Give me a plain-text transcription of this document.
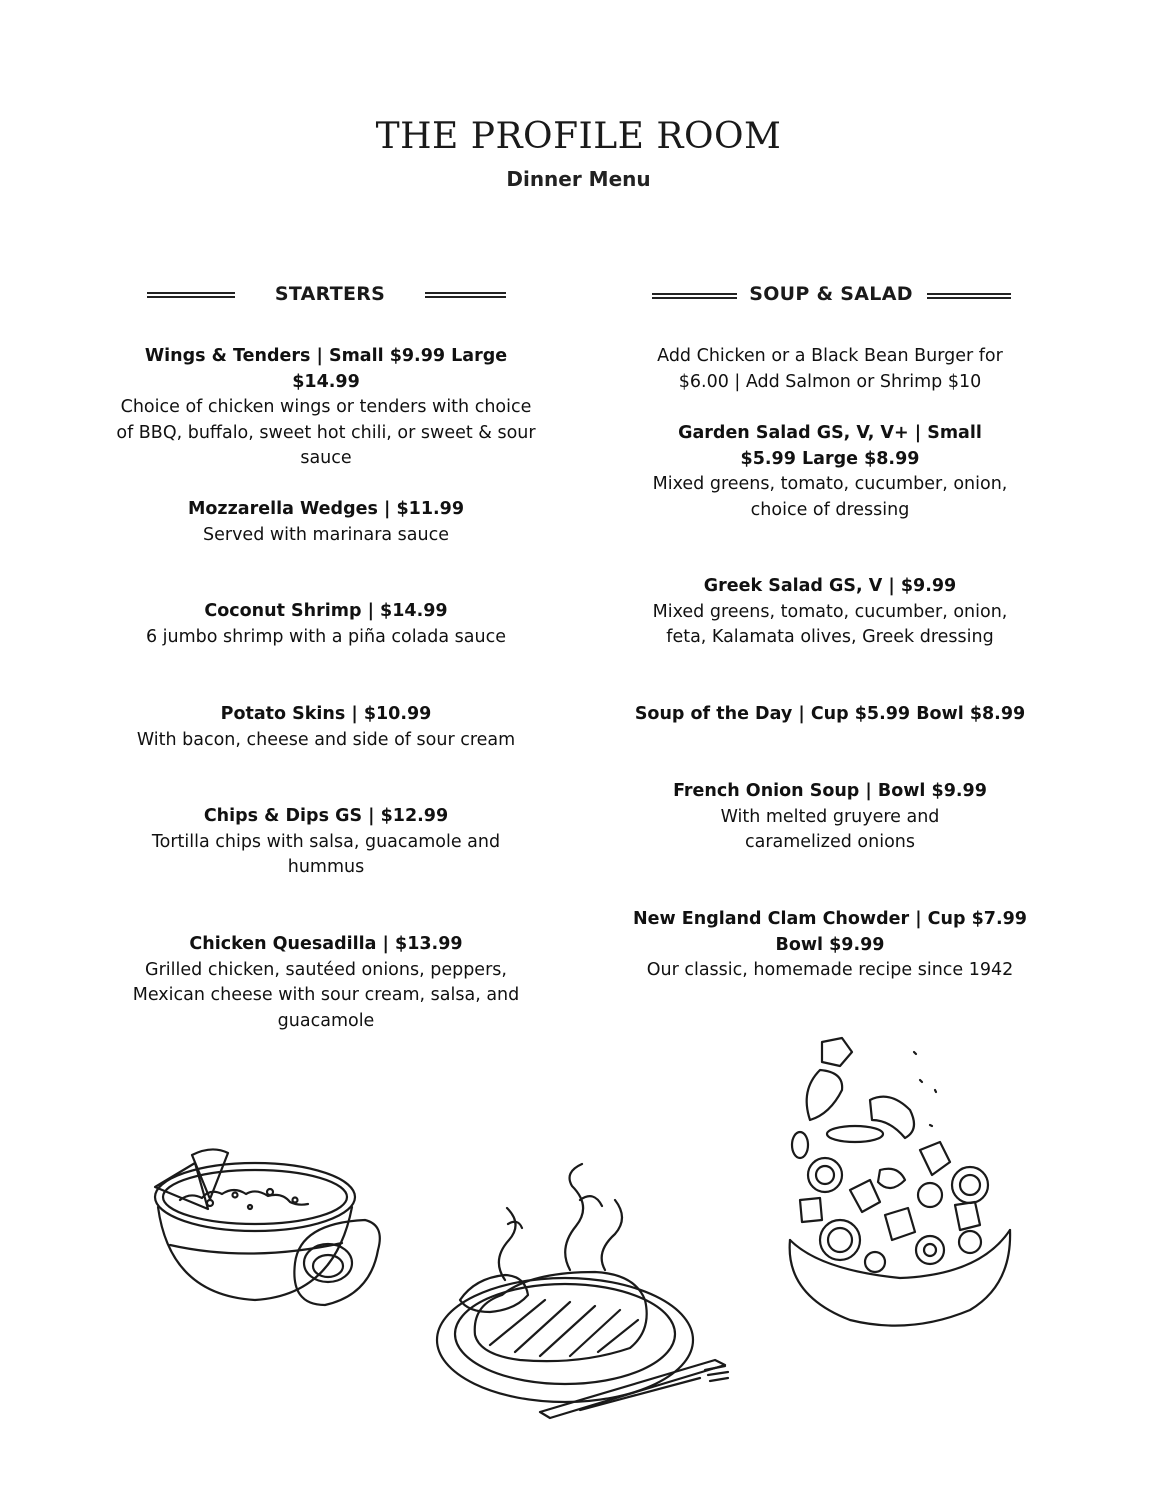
THE PROFILE ROOM
Dinner Menu
STARTERS	SOUP & SALAD
Wings & Tenders | Small $9.99 Large $14.99
Choice of chicken wings or tenders with choice of BBQ, buffalo, sweet hot chili, or sweet & sour sauce
Mozzarella Wedges | $11.99
Served with marinara sauce
Coconut Shrimp | $14.99
6 jumbo shrimp with a piña colada sauce
Potato Skins | $10.99
With bacon, cheese and side of sour cream
Chips & Dips GS | $12.99
Tortilla chips with salsa, guacamole and hummus
Chicken Quesadilla | $13.99
Grilled chicken, sautéed onions, peppers, Mexican cheese with sour cream, salsa, and guacamole
Add Chicken or a Black Bean Burger for $6.00 | Add Salmon or Shrimp $10
Garden Salad GS, V, V+ | Small $5.99 Large $8.99
Mixed greens, tomato, cucumber, onion, choice of dressing
Greek Salad GS, V | $9.99
Mixed greens, tomato, cucumber, onion, feta, Kalamata olives, Greek dressing
Soup of the Day | Cup $5.99 Bowl $8.99
French Onion Soup | Bowl $9.99
With melted gruyere and caramelized onions
New England Clam Chowder | Cup $7.99 Bowl $9.99
Our classic, homemade recipe since 1942
